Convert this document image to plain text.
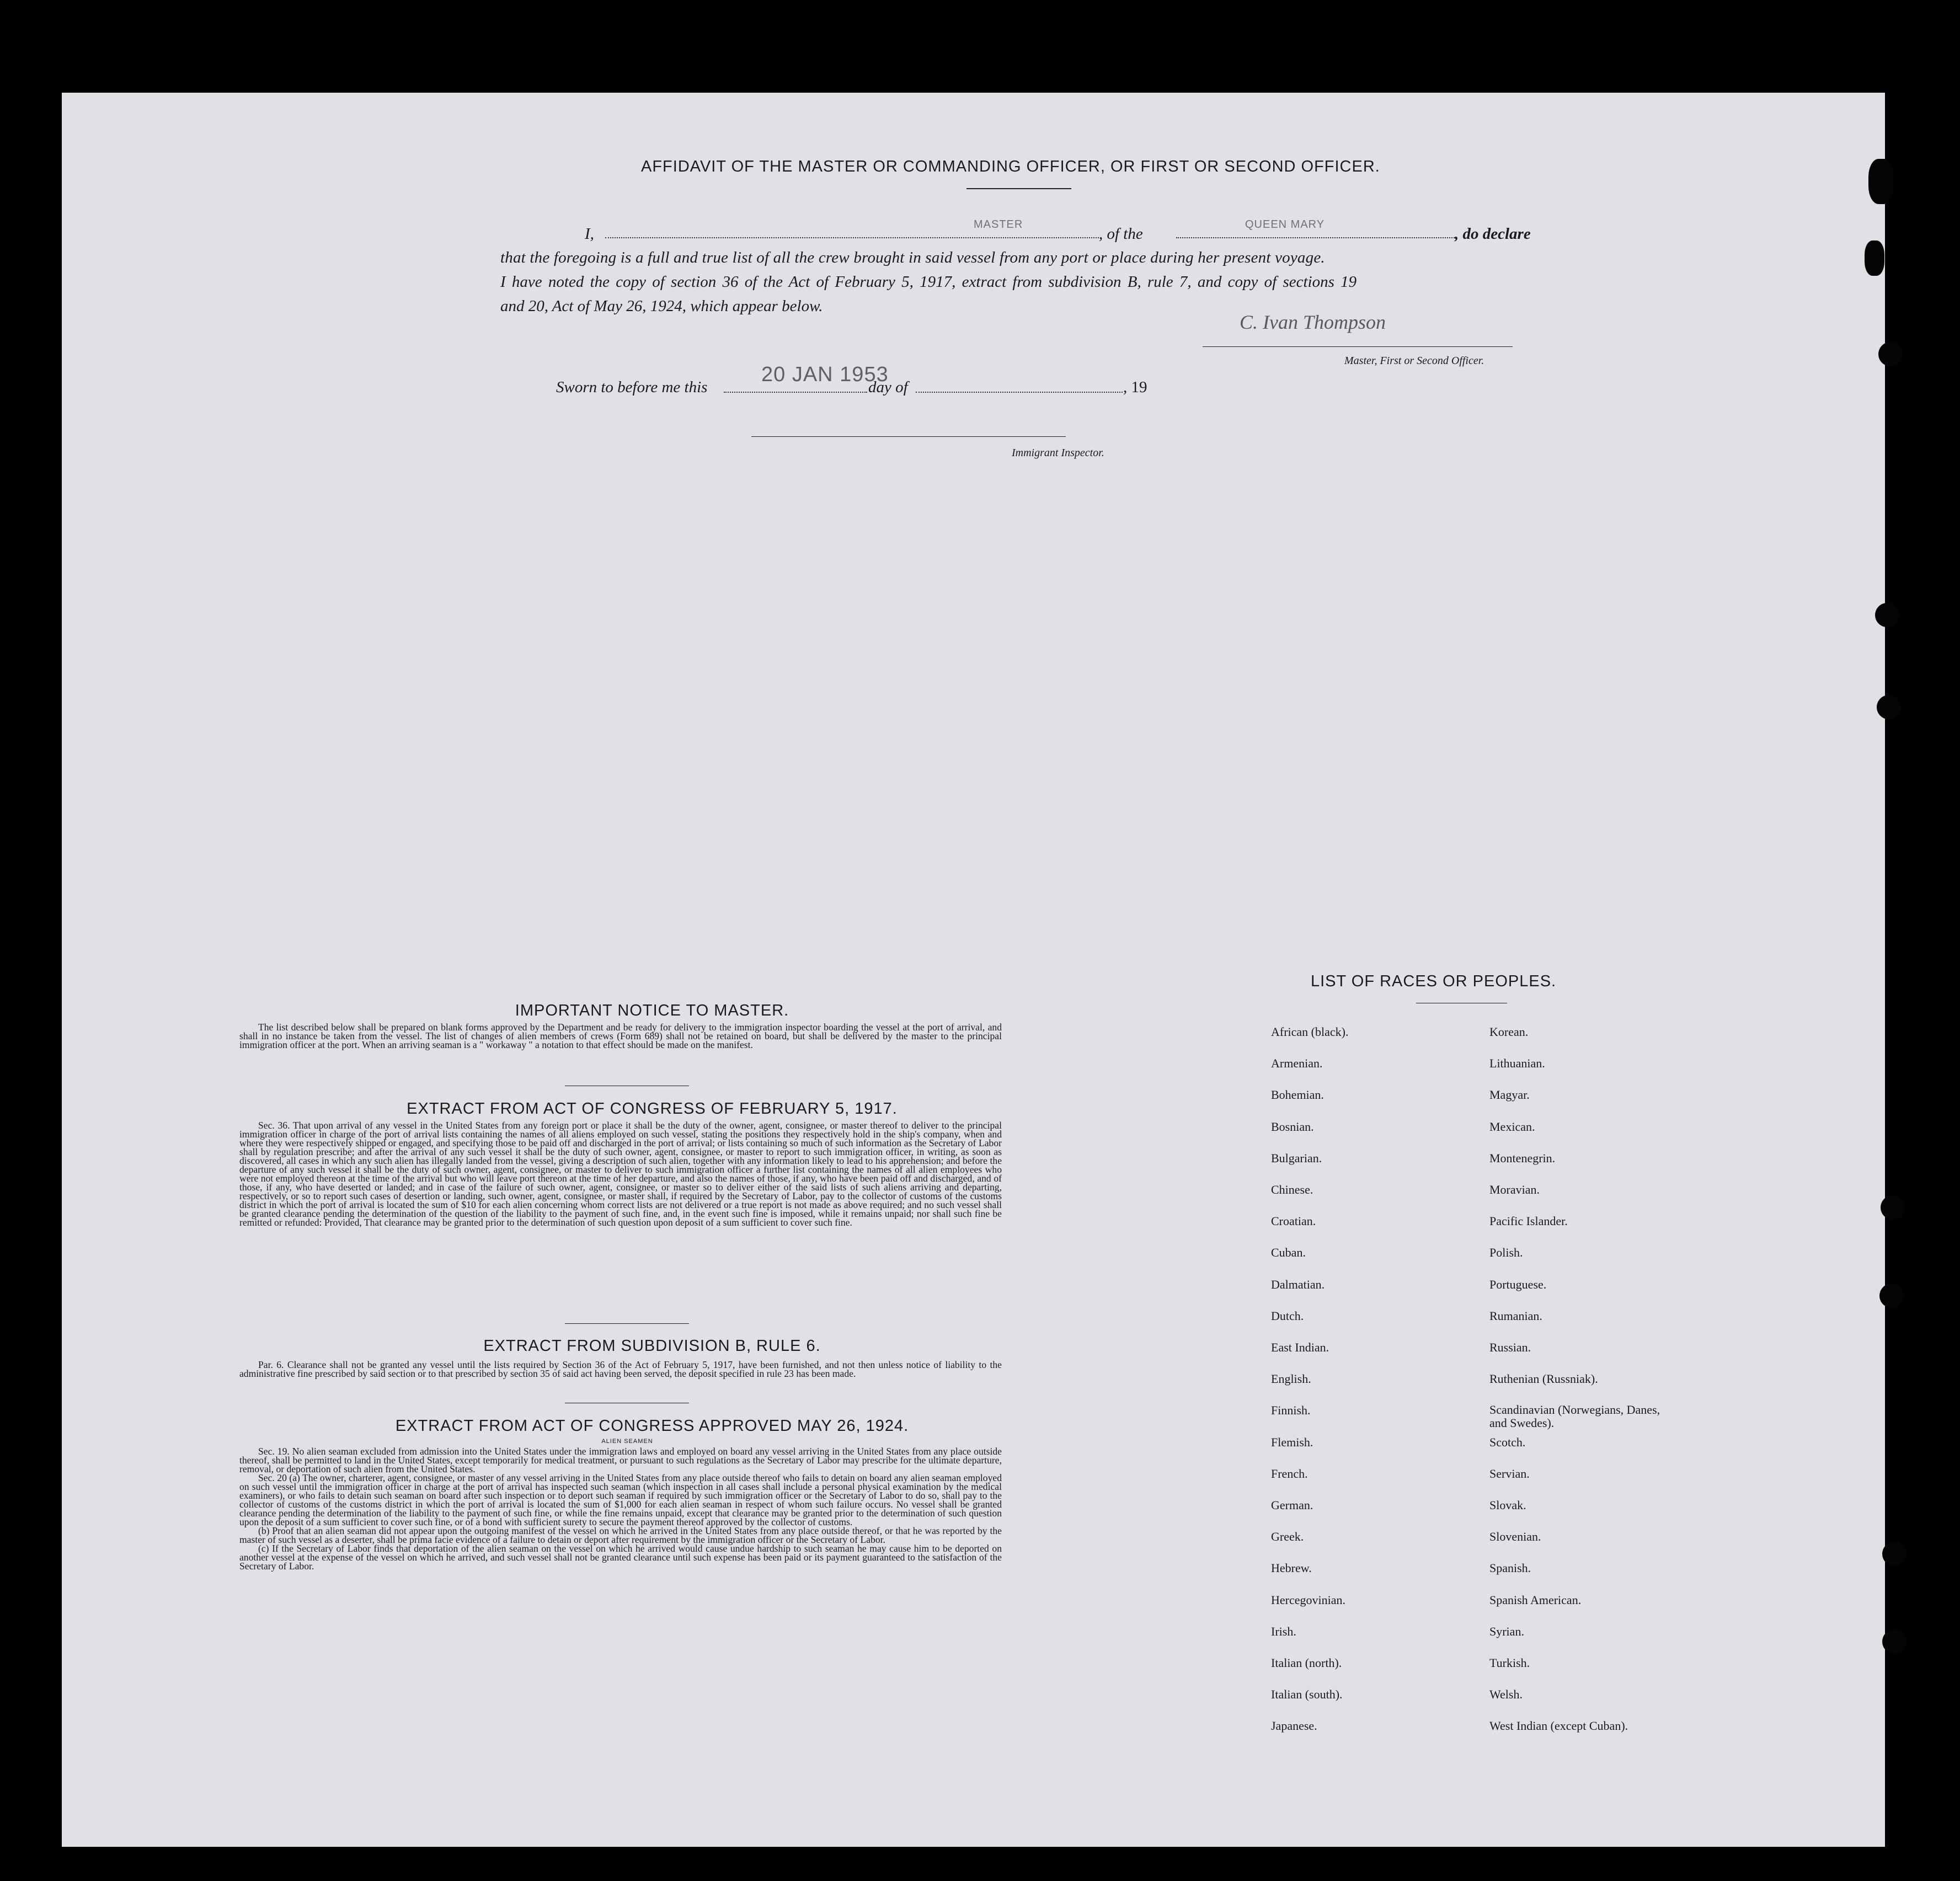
AFFIDAVIT OF THE MASTER OR COMMANDING OFFICER, OR FIRST OR SECOND OFFICER.
I,
MASTER
, of the
QUEEN MARY
, do declare
that the foregoing is a full and true list of all the crew brought in said vessel from any port or place during her present voyage.
I have noted the copy of section 36 of the Act of February 5, 1917, extract from subdivision B, rule 7, and copy of sections 19
and 20, Act of May 26, 1924, which appear below.
C. Ivan Thompson
Master, First or Second Officer.
Sworn to before me this
20 JAN 1953
day of	, 19
Immigrant Inspector.
IMPORTANT NOTICE TO MASTER.

The list described below shall be prepared on blank forms approved by the Department and be ready for delivery to the immigration inspector boarding the vessel at the port of arrival, and shall in no instance be taken from the vessel. The list of changes of alien members of crews (Form 689) shall not be retained on board, but shall be delivered by the master to the principal immigration officer at the port. When an arriving seaman is a " workaway " a notation to that effect should be made on the manifest.

EXTRACT FROM ACT OF CONGRESS OF FEBRUARY 5, 1917.

Sec. 36. That upon arrival of any vessel in the United States from any foreign port or place it shall be the duty of the owner, agent, consignee, or master thereof to deliver to the principal immigration officer in charge of the port of arrival lists containing the names of all aliens employed on such vessel, stating the positions they respectively hold in the ship's company, when and where they were respectively shipped or engaged, and specifying those to be paid off and discharged in the port of arrival; or lists containing so much of such information as the Secretary of Labor shall by regulation prescribe; and after the arrival of any such vessel it shall be the duty of such owner, agent, consignee, or master to report to such immigration officer, in writing, as soon as discovered, all cases in which any such alien has illegally landed from the vessel, giving a description of such alien, together with any information likely to lead to his apprehension; and before the departure of any such vessel it shall be the duty of such owner, agent, consignee, or master to deliver to such immigration officer a further list containing the names of all alien employees who were not employed thereon at the time of the arrival but who will leave port thereon at the time of her departure, and also the names of those, if any, who have been paid off and discharged, and of those, if any, who have deserted or landed; and in case of the failure of such owner, agent, consignee, or master so to deliver either of the said lists of such aliens arriving and departing, respectively, or so to report such cases of desertion or landing, such owner, agent, consignee, or master shall, if required by the Secretary of Labor, pay to the collector of customs of the customs district in which the port of arrival is located the sum of $10 for each alien concerning whom correct lists are not delivered or a true report is not made as above required; and no such vessel shall be granted clearance pending the determination of the question of the liability to the payment of such fine, and, in the event such fine is imposed, while it remains unpaid; nor shall such fine be remitted or refunded: Provided, That clearance may be granted prior to the determination of such question upon deposit of a sum sufficient to cover such fine.

EXTRACT FROM SUBDIVISION B, RULE 6.

Par. 6. Clearance shall not be granted any vessel until the lists required by Section 36 of the Act of February 5, 1917, have been furnished, and not then unless notice of liability to the administrative fine prescribed by said section or to that prescribed by section 35 of said act having been served, the deposit specified in rule 23 has been made.

EXTRACT FROM ACT OF CONGRESS APPROVED MAY 26, 1924.
ALIEN SEAMEN

Sec. 19. No alien seaman excluded from admission into the United States under the immigration laws and employed on board any vessel arriving in the United States from any place outside thereof, shall be permitted to land in the United States, except temporarily for medical treatment, or pursuant to such regulations as the Secretary of Labor may prescribe for the ultimate departure, removal, or deportation of such alien from the United States.

Sec. 20 (a) The owner, charterer, agent, consignee, or master of any vessel arriving in the United States from any place outside thereof who fails to detain on board any alien seaman employed on such vessel until the immigration officer in charge at the port of arrival has inspected such seaman (which inspection in all cases shall include a personal physical examination by the medical examiners), or who fails to detain such seaman on board after such inspection or to deport such seaman if required by such immigration officer or the Secretary of Labor to do so, shall pay to the collector of customs of the customs district in which the port of arrival is located the sum of $1,000 for each alien seaman in respect of whom such failure occurs. No vessel shall be granted clearance pending the determination of the liability to the payment of such fine, or while the fine remains unpaid, except that clearance may be granted prior to the determination of such question upon the deposit of a sum sufficient to cover such fine, or of a bond with sufficient surety to secure the payment thereof approved by the collector of customs.

(b) Proof that an alien seaman did not appear upon the outgoing manifest of the vessel on which he arrived in the United States from any place outside thereof, or that he was reported by the master of such vessel as a deserter, shall be prima facie evidence of a failure to detain or deport after requirement by the immigration officer or the Secretary of Labor.

(c) If the Secretary of Labor finds that deportation of the alien seaman on the vessel on which he arrived would cause undue hardship to such seaman he may cause him to be deported on another vessel at the expense of the vessel on which he arrived, and such vessel shall not be granted clearance until such expense has been paid or its payment guaranteed to the satisfaction of the Secretary of Labor.

LIST OF RACES OR PEOPLES.
African (black).
Armenian.
Bohemian.
Bosnian.
Bulgarian.
Chinese.
Croatian.
Cuban.
Dalmatian.
Dutch.
East Indian.
English.
Finnish.
Flemish.
French.
German.
Greek.
Hebrew.
Hercegovinian.
Irish.
Italian (north).
Italian (south).
Japanese.
Korean.
Lithuanian.
Magyar.
Mexican.
Montenegrin.
Moravian.
Pacific Islander.
Polish.
Portuguese.
Rumanian.
Russian.
Ruthenian (Russniak).
Scandinavian (Norwegians, Danes, and Swedes).
Scotch.
Servian.
Slovak.
Slovenian.
Spanish.
Spanish American.
Syrian.
Turkish.
Welsh.
West Indian (except Cuban).
